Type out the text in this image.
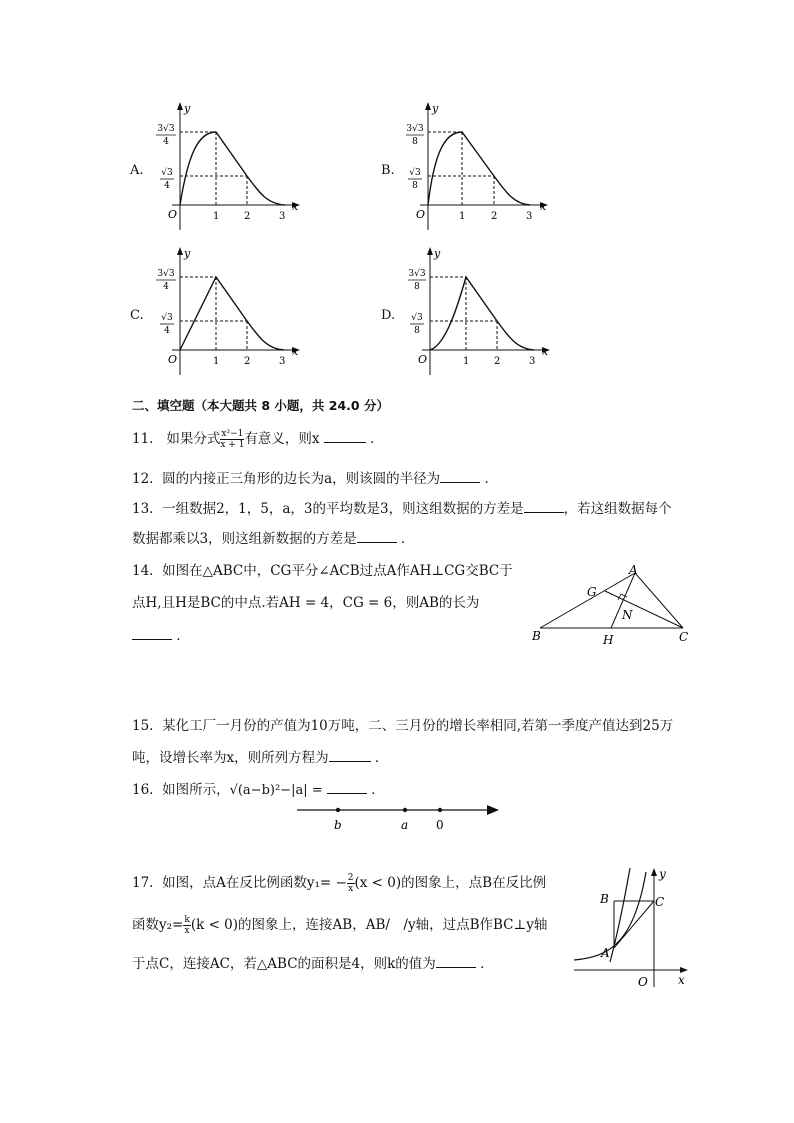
A.
3√3
4
√3
4
O	1 2	3
x
y
B.
3√3
8
√3
8
O	1	2	3
x
y
C.
3√3
4
√3
4
O	1 2	3
x
y
D.
3√3
8
√3
8
O	1 2	3
x
y
二、填空题（本大题共 8 小题，共 24.0 分）
11. 如果分式 $\frac{\text{x²−1}}{x + 1}$ 有意义，则x	．
12. 圆的内接正三角形的边长为a，则该圆的半径为	．
13. 一组数据2，1，5，a，3的平均数是3，则这组数据的方差是	，若这组数据每个
数据都乘以3，则这组新数据的方差是	．
14. 如图在△ABC中，CG平分∠ACB过点A作AH⊥CG交BC于
点H,且H是BC的中点.若AH = 4，CG = 6，则AB的长为
．
A
G
N
B	H	C
15. 某化工厂一月份的产值为10万吨，二、三月份的增长率相同,若第一季度产值达到25万
吨，设增长率为x，则所列方程为	．
16. 如图所示，√(a−b)²−|a| =	．
b	a 0
17. 如图，点A在反比例函数$y_1= - \frac{2}{x} (x < 0)$的图象上，点B在反比例
函数$y_2= \frac{k}{x} (k < 0)$的图象上，连接AB，AB/　/y轴，过点B作BC⊥y轴
于点C，连接AC，若△ABC的面积是4，则k的值为	．
B	C
A
O	x
y
